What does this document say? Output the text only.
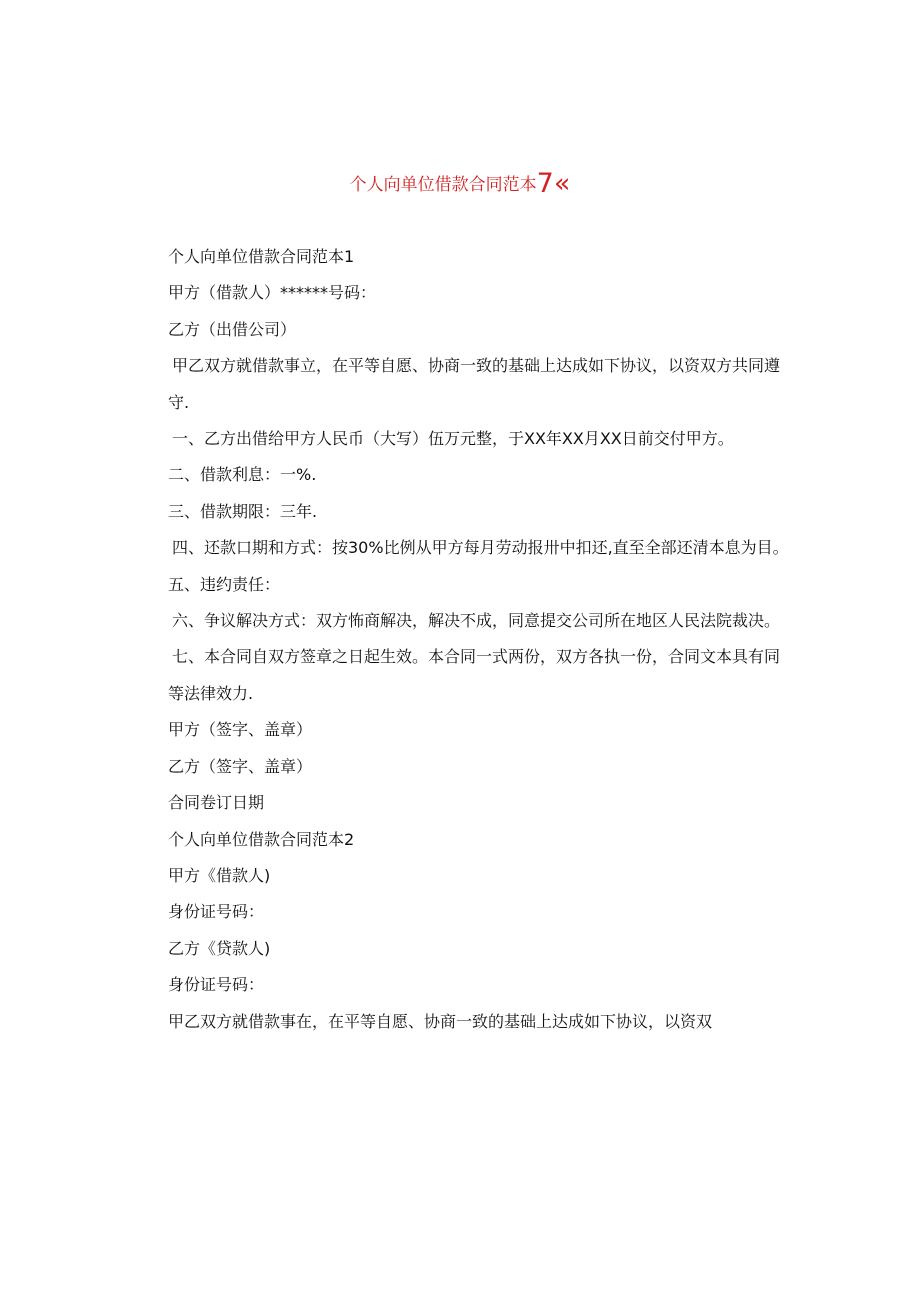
个人向单位借款合同范本7«

个人向单位借款合同范本1

甲方（借款人）******号码：

乙方（出借公司）

甲乙双方就借款事立，在平等自愿、协商一致的基础上达成如下协议，以资双方共同遵守.

一、乙方出借给甲方人民币（大写）伍万元整，于XX年XX月XX日前交付甲方。

二、借款利息：一%.

三、借款期限：三年.

四、还款口期和方式：按30%比例从甲方每月劳动报卅中扣还,直至全部还清本息为目。

五、违约责任：

六、争议解决方式：双方怖商解决，解决不成，同意提交公司所在地区人民法院裁决。

七、本合同自双方签章之日起生效。本合同一式两份，双方各执一份，合同文本具有同等法律效力.

甲方（签字、盖章）

乙方（签字、盖章）

合同卷订日期

个人向单位借款合同范本2

甲方《借款人)

身份证号码：

乙方《贷款人)

身份证号码：

甲乙双方就借款事在，在平等自愿、协商一致的基础上达成如下协议，以资双
